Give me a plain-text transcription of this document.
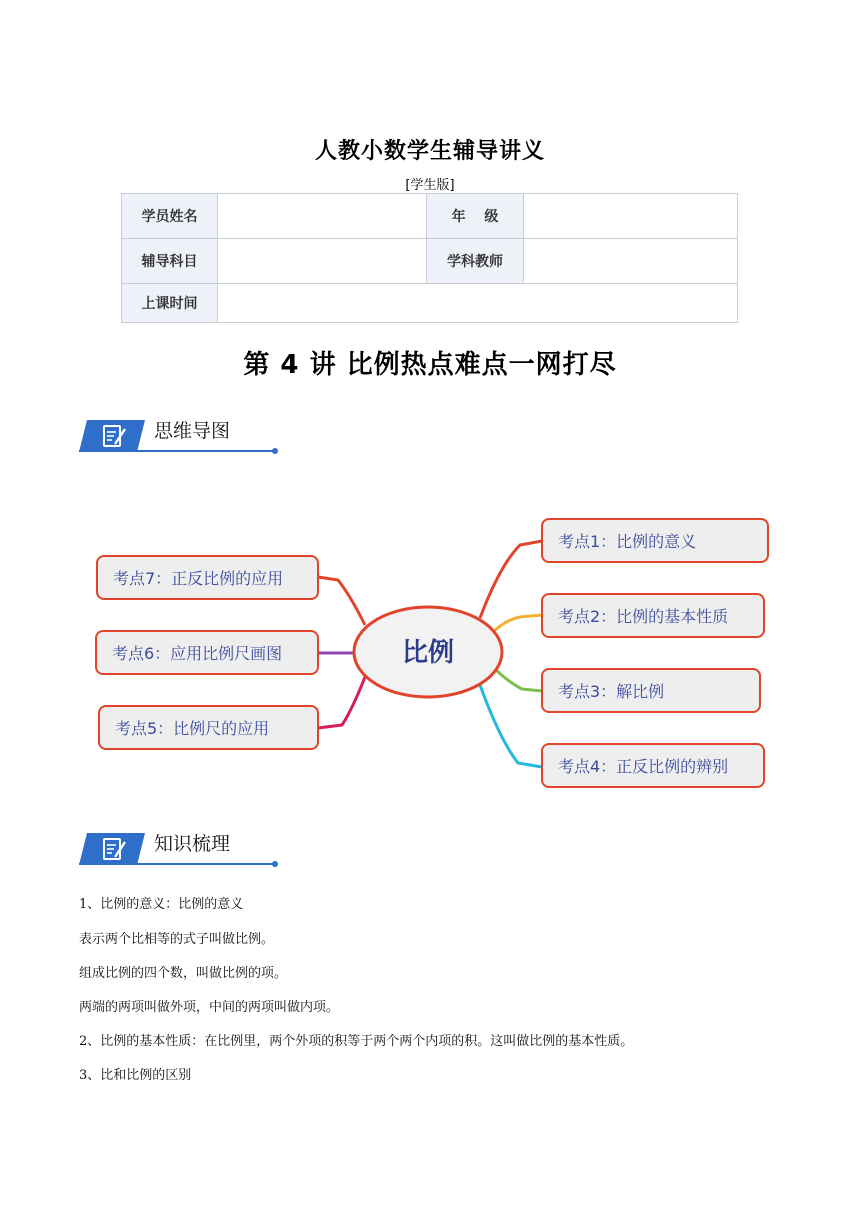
人教小数学生辅导讲义
[学生版]
学员姓名		年　 级	
辅导科目		学科教师	
上课时间			
第 4 讲 比例热点难点一网打尽
思维导图
比例
考点1：比例的意义
考点2：比例的基本性质
考点3：解比例
考点4：正反比例的辨别
考点7：正反比例的应用
考点6：应用比例尺画图
考点5：比例尺的应用
知识梳理
1、比例的意义：比例的意义
表示两个比相等的式子叫做比例。
组成比例的四个数，叫做比例的项。
两端的两项叫做外项，中间的两项叫做内项。
2、比例的基本性质：在比例里，两个外项的积等于两个两个内项的积。这叫做比例的基本性质。
3、比和比例的区别
